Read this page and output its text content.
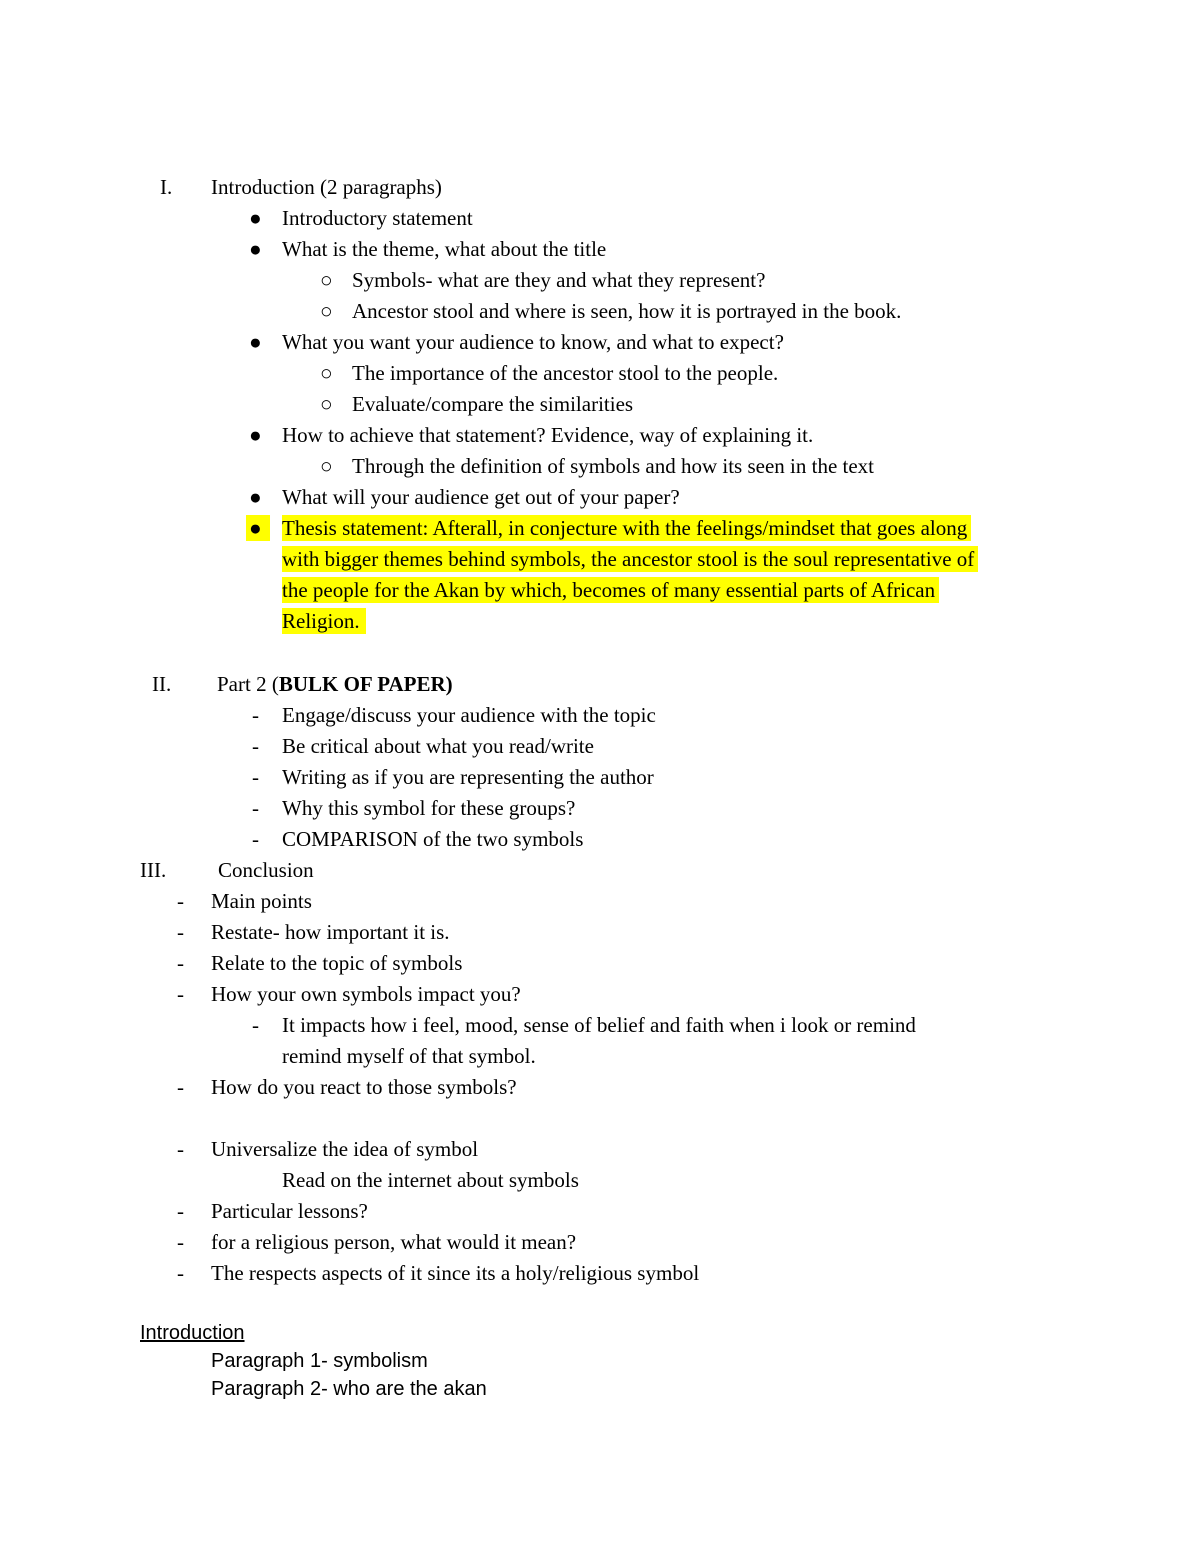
I. Introduction (2 paragraphs)
● Introductory statement
● What is the theme, what about the title
○ Symbols- what are they and what they represent?
○ Ancestor stool and where is seen, how it is portrayed in the book.
● What you want your audience to know, and what to expect?
○ The importance of the ancestor stool to the people.
○ Evaluate/compare the similarities
● How to achieve that statement? Evidence, way of explaining it.
○ Through the definition of symbols and how its seen in the text
● What will your audience get out of your paper?
● Thesis statement: Afterall, in conjecture with the feelings/mindset that goes along
with bigger themes behind symbols, the ancestor stool is the soul representative of
the people for the Akan by which, becomes of many essential parts of African
Religion.
II. Part 2 (BULK OF PAPER)
- Engage/discuss your audience with the topic
- Be critical about what you read/write
- Writing as if you are representing the author
- Why this symbol for these groups?
- COMPARISON of the two symbols
III. Conclusion
- Main points
- Restate- how important it is.
- Relate to the topic of symbols
- How your own symbols impact you?
- It impacts how i feel, mood, sense of belief and faith when i look or remind
remind myself of that symbol.
- How do you react to those symbols?
- Universalize the idea of symbol
Read on the internet about symbols
- Particular lessons?
- for a religious person, what would it mean?
- The respects aspects of it since its a holy/religious symbol
Introduction
Paragraph 1- symbolism
Paragraph 2- who are the akan
